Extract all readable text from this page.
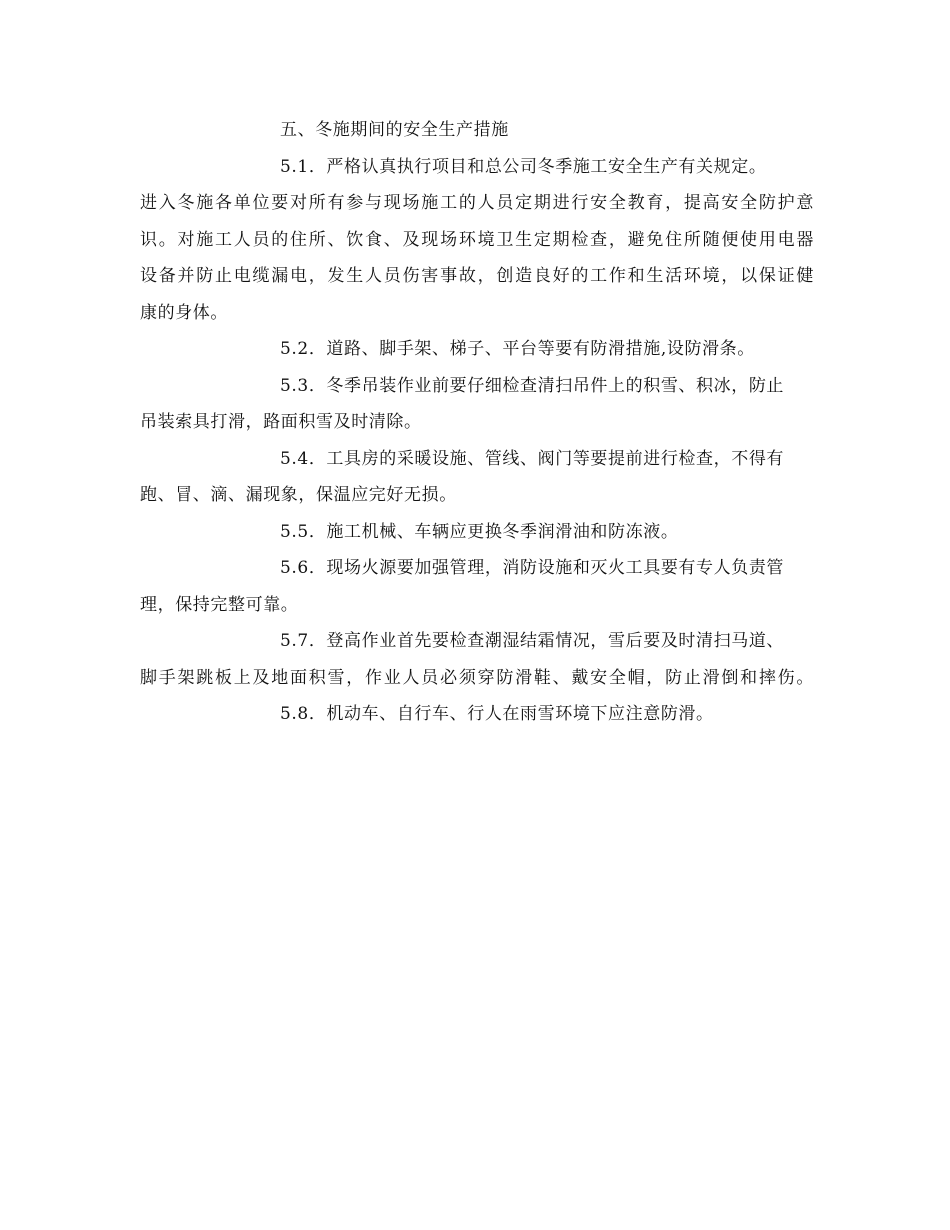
五、冬施期间的安全生产措施
5.1．严格认真执行项目和总公司冬季施工安全生产有关规定。
进入冬施各单位要对所有参与现场施工的人员定期进行安全教育，提高安全防护意
识。对施工人员的住所、饮食、及现场环境卫生定期检查，避免住所随便使用电器
设备并防止电缆漏电，发生人员伤害事故，创造良好的工作和生活环境，以保证健
康的身体。
5.2．道路、脚手架、梯子、平台等要有防滑措施,设防滑条。
5.3．冬季吊装作业前要仔细检查清扫吊件上的积雪、积冰，防止
吊装索具打滑，路面积雪及时清除。
5.4．工具房的采暖设施、管线、阀门等要提前进行检查，不得有
跑、冒、滴、漏现象，保温应完好无损。
5.5．施工机械、车辆应更换冬季润滑油和防冻液。
5.6．现场火源要加强管理，消防设施和灭火工具要有专人负责管
理，保持完整可靠。
5.7．登高作业首先要检查潮湿结霜情况，雪后要及时清扫马道、
脚手架跳板上及地面积雪，作业人员必须穿防滑鞋、戴安全帽，防止滑倒和摔伤。
5.8．机动车、自行车、行人在雨雪环境下应注意防滑。
